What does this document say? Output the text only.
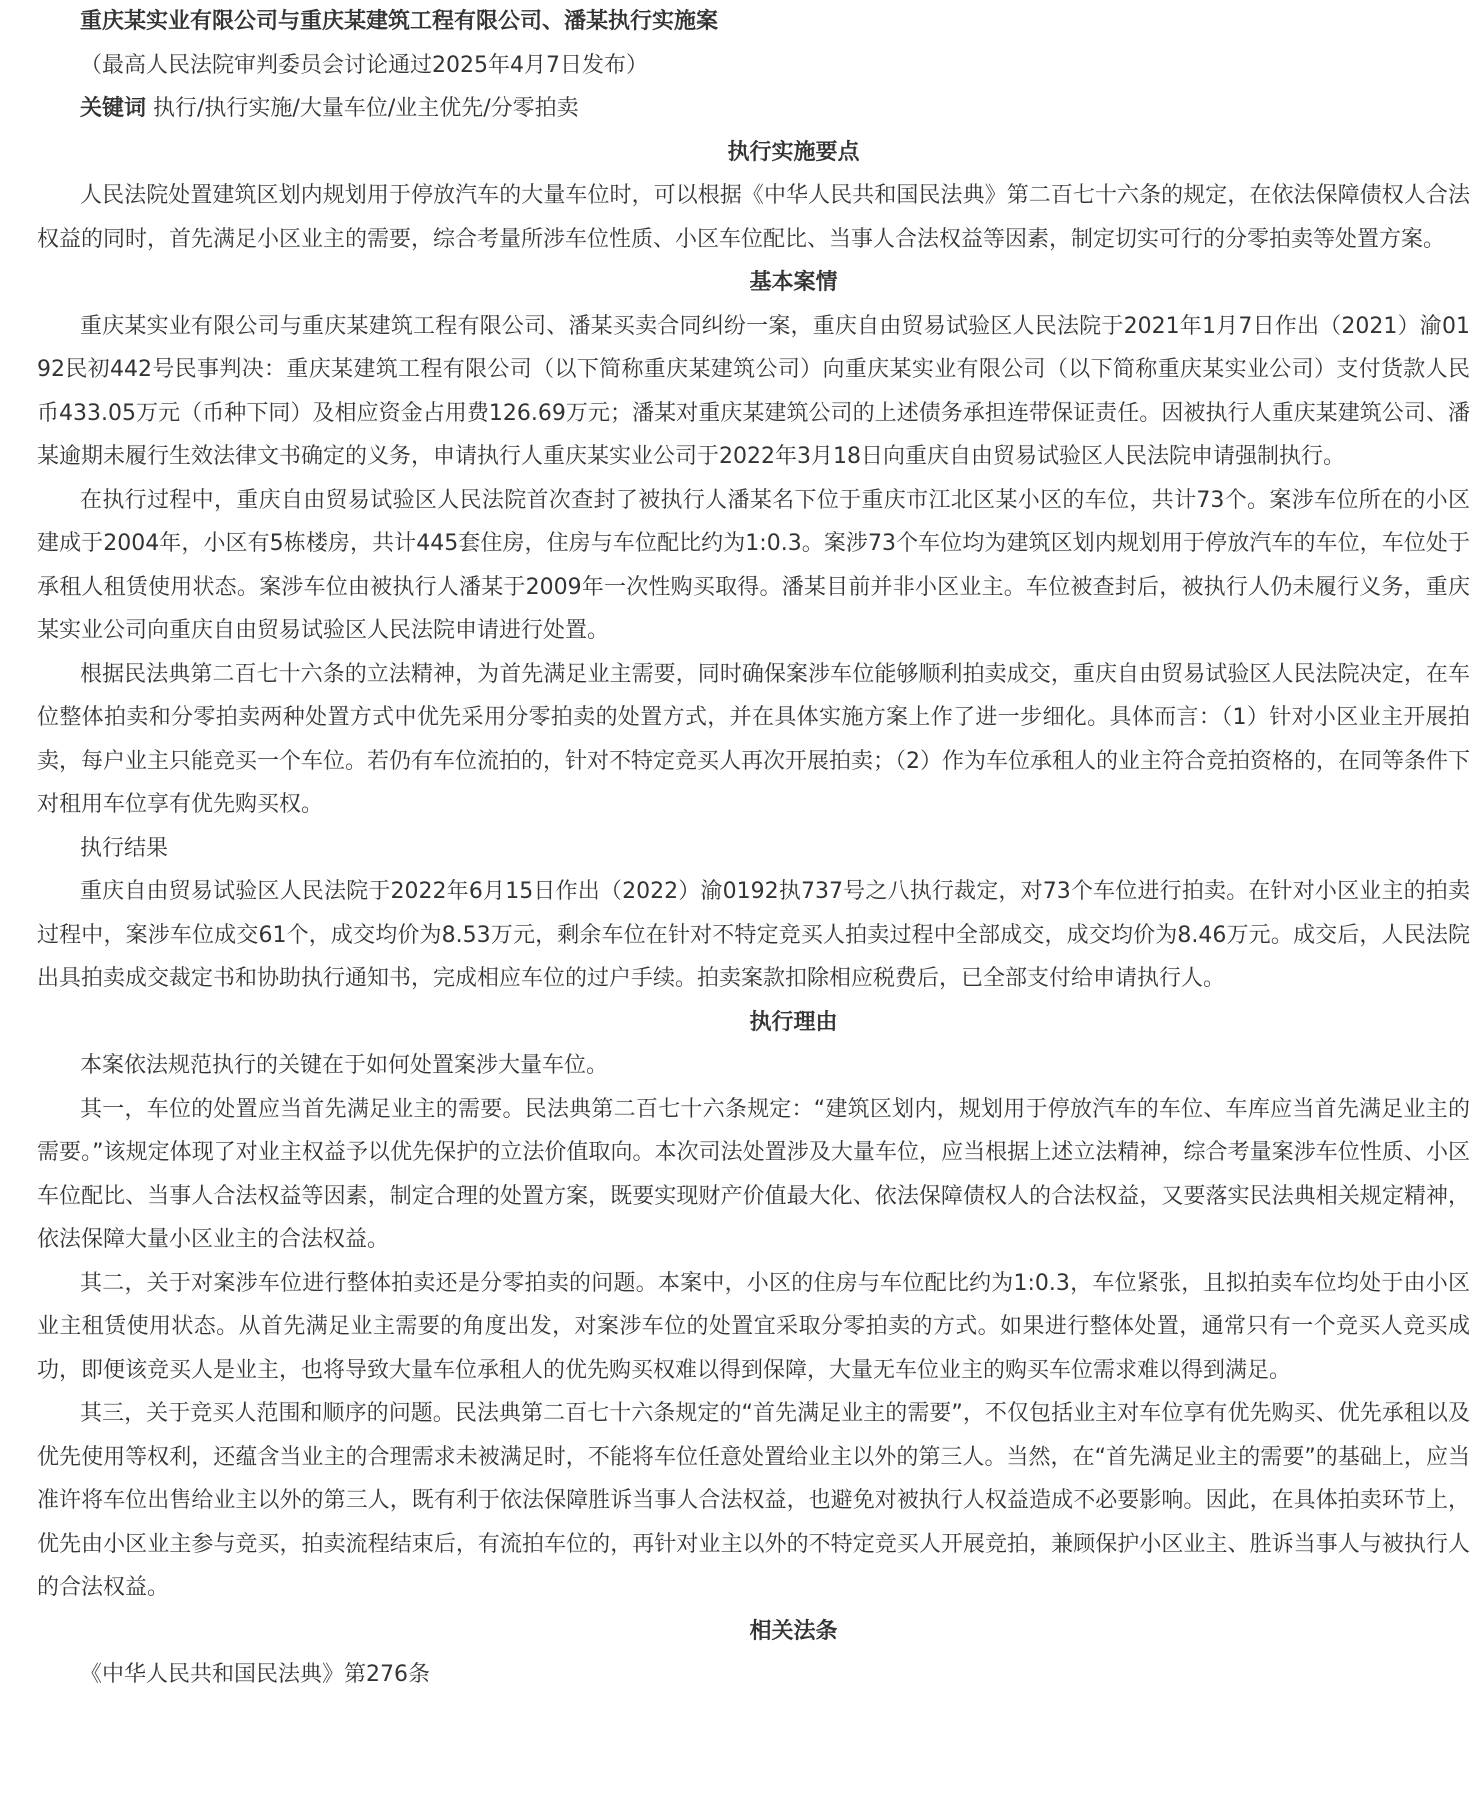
重庆某实业有限公司与重庆某建筑工程有限公司、潘某执行实施案

（最高人民法院审判委员会讨论通过2025年4月7日发布）

关键词 执行/执行实施/大量车位/业主优先/分零拍卖

执行实施要点

人民法院处置建筑区划内规划用于停放汽车的大量车位时，可以根据《中华人民共和国民法典》第二百七十六条的规定，在依法保障债权人合法权益的同时，首先满足小区业主的需要，综合考量所涉车位性质、小区车位配比、当事人合法权益等因素，制定切实可行的分零拍卖等处置方案。

基本案情

重庆某实业有限公司与重庆某建筑工程有限公司、潘某买卖合同纠纷一案，重庆自由贸易试验区人民法院于2021年1月7日作出（2021）渝0192民初442号民事判决：重庆某建筑工程有限公司（以下简称重庆某建筑公司）向重庆某实业有限公司（以下简称重庆某实业公司）支付货款人民币433.05万元（币种下同）及相应资金占用费126.69万元；潘某对重庆某建筑公司的上述债务承担连带保证责任。因被执行人重庆某建筑公司、潘某逾期未履行生效法律文书确定的义务，申请执行人重庆某实业公司于2022年3月18日向重庆自由贸易试验区人民法院申请强制执行。

在执行过程中，重庆自由贸易试验区人民法院首次查封了被执行人潘某名下位于重庆市江北区某小区的车位，共计73个。案涉车位所在的小区建成于2004年，小区有5栋楼房，共计445套住房，住房与车位配比约为1:0.3。案涉73个车位均为建筑区划内规划用于停放汽车的车位，车位处于承租人租赁使用状态。案涉车位由被执行人潘某于2009年一次性购买取得。潘某目前并非小区业主。车位被查封后，被执行人仍未履行义务，重庆某实业公司向重庆自由贸易试验区人民法院申请进行处置。

根据民法典第二百七十六条的立法精神，为首先满足业主需要，同时确保案涉车位能够顺利拍卖成交，重庆自由贸易试验区人民法院决定，在车位整体拍卖和分零拍卖两种处置方式中优先采用分零拍卖的处置方式，并在具体实施方案上作了进一步细化。具体而言：（1）针对小区业主开展拍卖，每户业主只能竞买一个车位。若仍有车位流拍的，针对不特定竞买人再次开展拍卖；（2）作为车位承租人的业主符合竞拍资格的，在同等条件下对租用车位享有优先购买权。

执行结果

重庆自由贸易试验区人民法院于2022年6月15日作出（2022）渝0192执737号之八执行裁定，对73个车位进行拍卖。在针对小区业主的拍卖过程中，案涉车位成交61个，成交均价为8.53万元，剩余车位在针对不特定竞买人拍卖过程中全部成交，成交均价为8.46万元。成交后，人民法院出具拍卖成交裁定书和协助执行通知书，完成相应车位的过户手续。拍卖案款扣除相应税费后，已全部支付给申请执行人。

执行理由

本案依法规范执行的关键在于如何处置案涉大量车位。

其一，车位的处置应当首先满足业主的需要。民法典第二百七十六条规定：“建筑区划内，规划用于停放汽车的车位、车库应当首先满足业主的需要。”该规定体现了对业主权益予以优先保护的立法价值取向。本次司法处置涉及大量车位，应当根据上述立法精神，综合考量案涉车位性质、小区车位配比、当事人合法权益等因素，制定合理的处置方案，既要实现财产价值最大化、依法保障债权人的合法权益，又要落实民法典相关规定精神，依法保障大量小区业主的合法权益。

其二，关于对案涉车位进行整体拍卖还是分零拍卖的问题。本案中，小区的住房与车位配比约为1:0.3，车位紧张，且拟拍卖车位均处于由小区业主租赁使用状态。从首先满足业主需要的角度出发，对案涉车位的处置宜采取分零拍卖的方式。如果进行整体处置，通常只有一个竞买人竞买成功，即便该竞买人是业主，也将导致大量车位承租人的优先购买权难以得到保障，大量无车位业主的购买车位需求难以得到满足。

其三，关于竞买人范围和顺序的问题。民法典第二百七十六条规定的“首先满足业主的需要”，不仅包括业主对车位享有优先购买、优先承租以及优先使用等权利，还蕴含当业主的合理需求未被满足时，不能将车位任意处置给业主以外的第三人。当然，在“首先满足业主的需要”的基础上，应当准许将车位出售给业主以外的第三人，既有利于依法保障胜诉当事人合法权益，也避免对被执行人权益造成不必要影响。因此，在具体拍卖环节上，优先由小区业主参与竞买，拍卖流程结束后，有流拍车位的，再针对业主以外的不特定竞买人开展竞拍，兼顾保护小区业主、胜诉当事人与被执行人的合法权益。

相关法条

《中华人民共和国民法典》第276条
